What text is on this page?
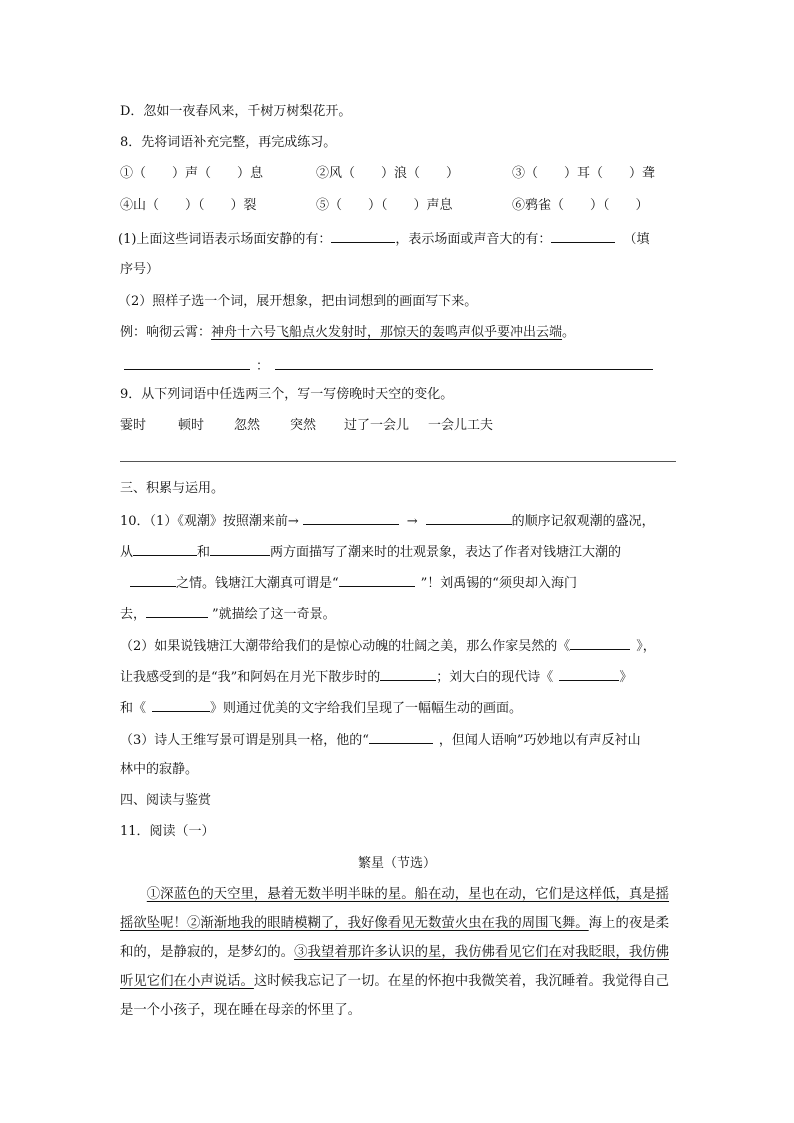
D．忽如一夜春风来，千树万树梨花开。
8．先将词语补充完整，再完成练习。
①（　　）声（　　）息	②风（　　）浪（　　）	③（　　）耳（　　）聋
④山（　　）（　　）裂	⑤（　　）（　　）声息	⑥鸦雀（　　）（　　）
(1)上面这些词语表示场面安静的有：	，表示场面或声音大的有：	（填
序号）
（2）照样子选一个词，展开想象，把由词想到的画面写下来。
例：响彻云霄：神舟十六号飞船点火发射时，那惊天的轰鸣声似乎要冲出云端。
：
9．从下列词语中任选两三个，写一写傍晚时天空的变化。
霎时 顿时 忽然 突然 过了一会儿 一会儿工夫
三、积累与运用。
10．（1）《观潮》按照潮来前→	→	的顺序记叙观潮的盛况，
从	和	两方面描写了潮来时的壮观景象，表达了作者对钱塘江大潮的
之情。钱塘江大潮真可谓是“	”！刘禹锡的“须臾却入海门
去，	”就描绘了这一奇景。
（2）如果说钱塘江大潮带给我们的是惊心动魄的壮阔之美，那么作家吴然的《	》，
让我感受到的是“我”和阿妈在月光下散步时的	；刘大白的现代诗《	》
和《	》则通过优美的文字给我们呈现了一幅幅生动的画面。
（3）诗人王维写景可谓是别具一格，他的“	，但闻人语响”巧妙地以有声反衬山
林中的寂静。
四、阅读与鉴赏
11．阅读（一）
繁星（节选）
①深蓝色的天空里，悬着无数半明半昧的星。船在动，星也在动，它们是这样低，真是摇摇欲坠呢！②渐渐地我的眼睛模糊了，我好像看见无数萤火虫在我的周围飞舞。海上的夜是柔和的，是静寂的，是梦幻的。③我望着那许多认识的星，我仿佛看见它们在对我眨眼，我仿佛听见它们在小声说话。这时候我忘记了一切。在星的怀抱中我微笑着，我沉睡着。我觉得自己是一个小孩子，现在睡在母亲的怀里了。
